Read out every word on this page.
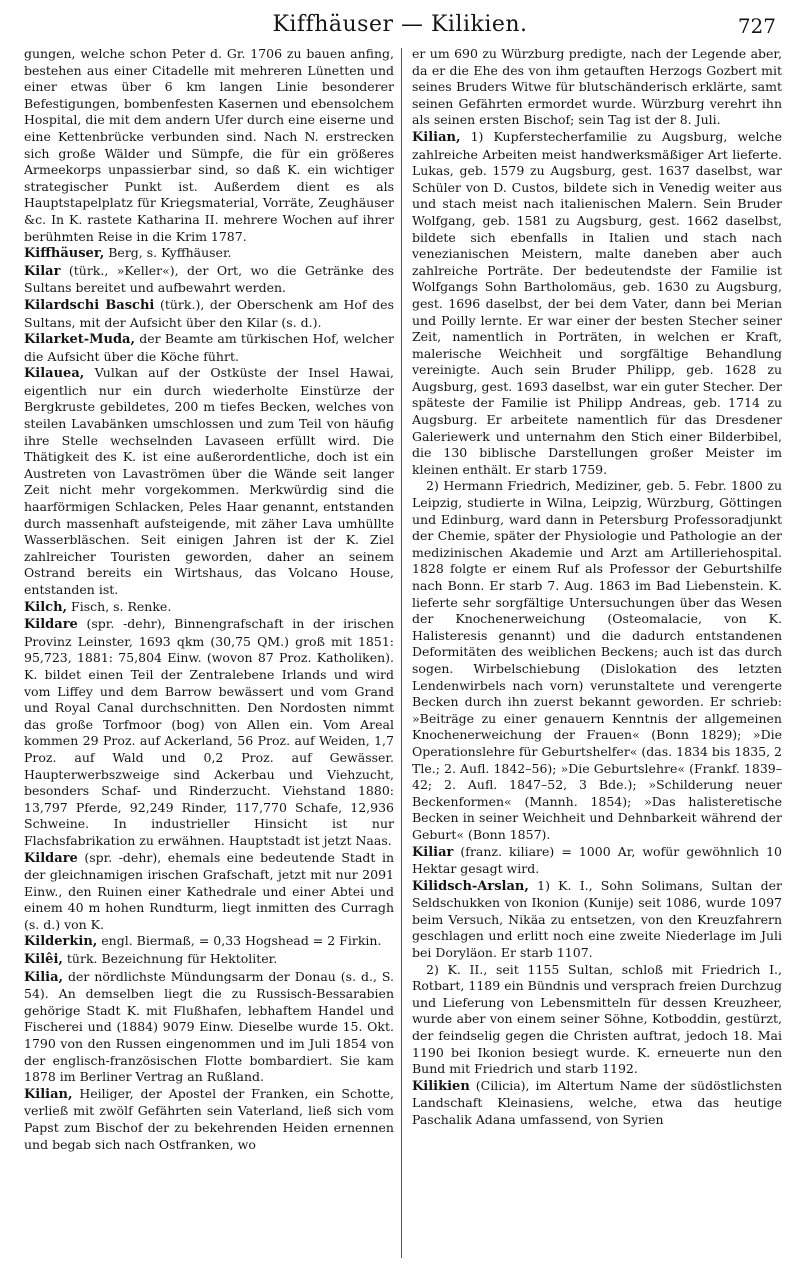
Kiffhäuser — Kilikien.	727

gungen, welche schon Peter d. Gr. 1706 zu bauen anfing, bestehen aus einer Citadelle mit mehreren Lünetten und einer etwas über 6 km langen Linie besonderer Befestigungen, bombenfesten Kasernen und ebensolchem Hospital, die mit dem andern Ufer durch eine eiserne und eine Kettenbrücke verbunden sind. Nach N. erstrecken sich große Wälder und Sümpfe, die für ein größeres Armeekorps unpassierbar sind, so daß K. ein wichtiger strategischer Punkt ist. Außerdem dient es als Hauptstapelplatz für Kriegsmaterial, Vorräte, Zeughäuser &c. In K. rastete Katharina II. mehrere Wochen auf ihrer berühmten Reise in die Krim 1787.

Kiffhäuser, Berg, s. Kyffhäuser.

Kilar (türk., »Keller«), der Ort, wo die Getränke des Sultans bereitet und aufbewahrt werden.

Kilardschi Baschi (türk.), der Oberschenk am Hof des Sultans, mit der Aufsicht über den Kilar (s. d.).

Kilarket-Muda, der Beamte am türkischen Hof, welcher die Aufsicht über die Köche führt.

Kilauea, Vulkan auf der Ostküste der Insel Hawai, eigentlich nur ein durch wiederholte Einstürze der Bergkruste gebildetes, 200 m tiefes Becken, welches von steilen Lavabänken umschlossen und zum Teil von häufig ihre Stelle wechselnden Lavaseen erfüllt wird. Die Thätigkeit des K. ist eine außerordentliche, doch ist ein Austreten von Lavaströmen über die Wände seit langer Zeit nicht mehr vorgekommen. Merkwürdig sind die haarförmigen Schlacken, Peles Haar genannt, entstanden durch massenhaft aufsteigende, mit zäher Lava umhüllte Wasserbläschen. Seit einigen Jahren ist der K. Ziel zahlreicher Touristen geworden, daher an seinem Ostrand bereits ein Wirtshaus, das Volcano House, entstanden ist.

Kilch, Fisch, s. Renke.

Kildare (spr. -dehr), Binnengrafschaft in der irischen Provinz Leinster, 1693 qkm (30,75 QM.) groß mit 1851: 95,723, 1881: 75,804 Einw. (wovon 87 Proz. Katholiken). K. bildet einen Teil der Zentralebene Irlands und wird vom Liffey und dem Barrow bewässert und vom Grand und Royal Canal durchschnitten. Den Nordosten nimmt das große Torfmoor (bog) von Allen ein. Vom Areal kommen 29 Proz. auf Ackerland, 56 Proz. auf Weiden, 1,7 Proz. auf Wald und 0,2 Proz. auf Gewässer. Haupterwerbszweige sind Ackerbau und Viehzucht, besonders Schaf- und Rinderzucht. Viehstand 1880: 13,797 Pferde, 92,249 Rinder, 117,770 Schafe, 12,936 Schweine. In industrieller Hinsicht ist nur Flachsfabrikation zu erwähnen. Hauptstadt ist jetzt Naas.

Kildare (spr. -dehr), ehemals eine bedeutende Stadt in der gleichnamigen irischen Grafschaft, jetzt mit nur 2091 Einw., den Ruinen einer Kathedrale und einer Abtei und einem 40 m hohen Rundturm, liegt inmitten des Curragh (s. d.) von K.

Kilderkin, engl. Biermaß, = 0,33 Hogshead = 2 Firkin.

Kilêi, türk. Bezeichnung für Hektoliter.

Kilia, der nördlichste Mündungsarm der Donau (s. d., S. 54). An demselben liegt die zu Russisch-Bessarabien gehörige Stadt K. mit Flußhafen, lebhaftem Handel und Fischerei und (1884) 9079 Einw. Dieselbe wurde 15. Okt. 1790 von den Russen eingenommen und im Juli 1854 von der englisch-französischen Flotte bombardiert. Sie kam 1878 im Berliner Vertrag an Rußland.

Kilian, Heiliger, der Apostel der Franken, ein Schotte, verließ mit zwölf Gefährten sein Vaterland, ließ sich vom Papst zum Bischof der zu bekehrenden Heiden ernennen und begab sich nach Ostfranken, wo

er um 690 zu Würzburg predigte, nach der Legende aber, da er die Ehe des von ihm getauften Herzogs Gozbert mit seines Bruders Witwe für blutschänderisch erklärte, samt seinen Gefährten ermordet wurde. Würzburg verehrt ihn als seinen ersten Bischof; sein Tag ist der 8. Juli.

Kilian, 1) Kupferstecherfamilie zu Augsburg, welche zahlreiche Arbeiten meist handwerksmäßiger Art lieferte. Lukas, geb. 1579 zu Augsburg, gest. 1637 daselbst, war Schüler von D. Custos, bildete sich in Venedig weiter aus und stach meist nach italienischen Malern. Sein Bruder Wolfgang, geb. 1581 zu Augsburg, gest. 1662 daselbst, bildete sich ebenfalls in Italien und stach nach venezianischen Meistern, malte daneben aber auch zahlreiche Porträte. Der bedeutendste der Familie ist Wolfgangs Sohn Bartholomäus, geb. 1630 zu Augsburg, gest. 1696 daselbst, der bei dem Vater, dann bei Merian und Poilly lernte. Er war einer der besten Stecher seiner Zeit, namentlich in Porträten, in welchen er Kraft, malerische Weichheit und sorgfältige Behandlung vereinigte. Auch sein Bruder Philipp, geb. 1628 zu Augsburg, gest. 1693 daselbst, war ein guter Stecher. Der späteste der Familie ist Philipp Andreas, geb. 1714 zu Augsburg. Er arbeitete namentlich für das Dresdener Galeriewerk und unternahm den Stich einer Bilderbibel, die 130 biblische Darstellungen großer Meister im kleinen enthält. Er starb 1759.

2) Hermann Friedrich, Mediziner, geb. 5. Febr. 1800 zu Leipzig, studierte in Wilna, Leipzig, Würzburg, Göttingen und Edinburg, ward dann in Petersburg Professoradjunkt der Chemie, später der Physiologie und Pathologie an der medizinischen Akademie und Arzt am Artilleriehospital. 1828 folgte er einem Ruf als Professor der Geburtshilfe nach Bonn. Er starb 7. Aug. 1863 im Bad Liebenstein. K. lieferte sehr sorgfältige Untersuchungen über das Wesen der Knochenerweichung (Osteomalacie, von K. Halisteresis genannt) und die dadurch entstandenen Deformitäten des weiblichen Beckens; auch ist das durch sogen. Wirbelschiebung (Dislokation des letzten Lendenwirbels nach vorn) verunstaltete und verengerte Becken durch ihn zuerst bekannt geworden. Er schrieb: »Beiträge zu einer genauern Kenntnis der allgemeinen Knochenerweichung der Frauen« (Bonn 1829); »Die Operationslehre für Geburtshelfer« (das. 1834 bis 1835, 2 Tle.; 2. Aufl. 1842–56); »Die Geburtslehre« (Frankf. 1839–42; 2. Aufl. 1847–52, 3 Bde.); »Schilderung neuer Beckenformen« (Mannh. 1854); »Das halisteretische Becken in seiner Weichheit und Dehnbarkeit während der Geburt« (Bonn 1857).

Kiliar (franz. kiliare) = 1000 Ar, wofür gewöhnlich 10 Hektar gesagt wird.

Kilidsch-Arslan, 1) K. I., Sohn Solimans, Sultan der Seldschukken von Ikonion (Kunije) seit 1086, wurde 1097 beim Versuch, Nikäa zu entsetzen, von den Kreuzfahrern geschlagen und erlitt noch eine zweite Niederlage im Juli bei Doryläon. Er starb 1107.

2) K. II., seit 1155 Sultan, schloß mit Friedrich I., Rotbart, 1189 ein Bündnis und versprach freien Durchzug und Lieferung von Lebensmitteln für dessen Kreuzheer, wurde aber von einem seiner Söhne, Kotboddin, gestürzt, der feindselig gegen die Christen auftrat, jedoch 18. Mai 1190 bei Ikonion besiegt wurde. K. erneuerte nun den Bund mit Friedrich und starb 1192.

Kilikien (Cilicia), im Altertum Name der südöstlichsten Landschaft Kleinasiens, welche, etwa das heutige Paschalik Adana umfassend, von Syrien
